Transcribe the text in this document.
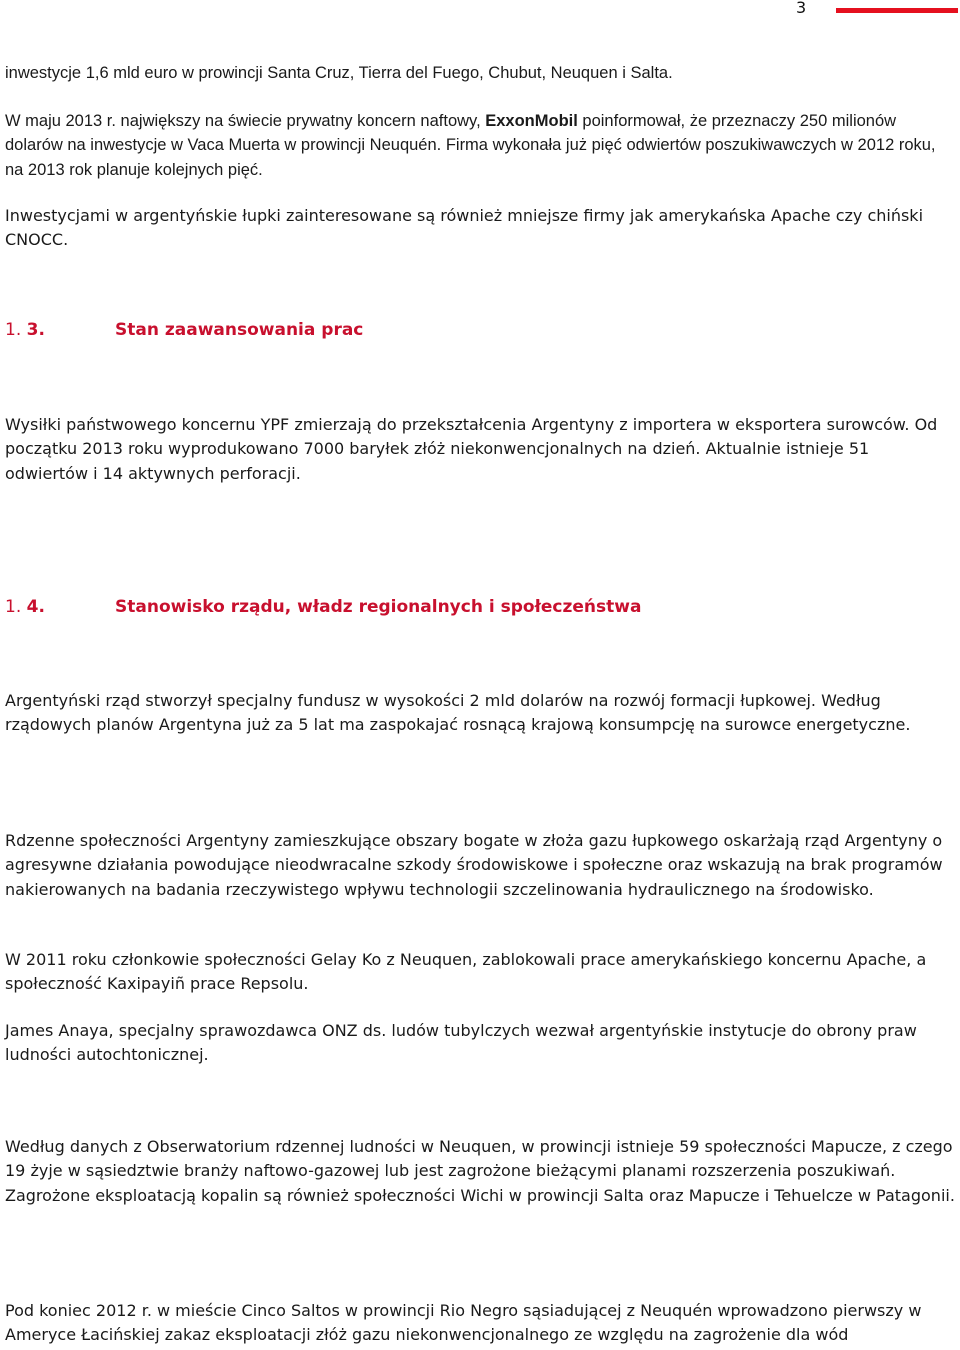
3

inwestycje 1,6 mld euro w prowincji Santa Cruz, Tierra del Fuego, Chubut, Neuquen i Salta.

W maju 2013 r. największy na świecie prywatny koncern naftowy, ExxonMobil poinformował, że przeznaczy 250 milionów dolarów na inwestycje w Vaca Muerta w prowincji Neuquén. Firma wykonała już pięć odwiertów poszukiwawczych w 2012 roku, na 2013 rok planuje kolejnych pięć.

Inwestycjami w argentyńskie łupki zainteresowane są również mniejsze firmy jak amerykańska Apache czy chiński CNOCC.

1. 3.	Stan zaawansowania prac

Wysiłki państwowego koncernu YPF zmierzają do przekształcenia Argentyny z importera w eksportera surowców. Od początku 2013 roku wyprodukowano 7000 baryłek złóż niekonwencjonalnych na dzień. Aktualnie istnieje 51 odwiertów i 14 aktywnych perforacji.

1. 4.	Stanowisko rządu, władz regionalnych i społeczeństwa

Argentyński rząd stworzył specjalny fundusz w wysokości 2 mld dolarów na rozwój formacji łupkowej. Według rządowych planów Argentyna już za 5 lat ma zaspokajać rosnącą krajową konsumpcję na surowce energetyczne.

Rdzenne społeczności Argentyny zamieszkujące obszary bogate w złoża gazu łupkowego oskarżają rząd Argentyny o agresywne działania powodujące nieodwracalne szkody środowiskowe i społeczne oraz wskazują na brak programów nakierowanych na badania rzeczywistego wpływu technologii szczelinowania hydraulicznego na środowisko.

W 2011 roku członkowie społeczności Gelay Ko z Neuquen, zablokowali prace amerykańskiego koncernu Apache, a społeczność Kaxipayiñ prace Repsolu.

James Anaya, specjalny sprawozdawca ONZ ds. ludów tubylczych wezwał argentyńskie instytucje do obrony praw ludności autochtonicznej.

Według danych z Obserwatorium rdzennej ludności w Neuquen, w prowincji istnieje 59 społeczności Mapucze, z czego 19 żyje w sąsiedztwie branży naftowo-gazowej lub jest zagrożone bieżącymi planami rozszerzenia poszukiwań. Zagrożone eksploatacją kopalin są również społeczności Wichi w prowincji Salta oraz Mapucze i Tehuelcze w Patagonii.

Pod koniec 2012 r. w mieście Cinco Saltos w prowincji Rio Negro sąsiadującej z Neuquén wprowadzono pierwszy w Ameryce Łacińskiej zakaz eksploatacji złóż gazu niekonwencjonalnego ze względu na zagrożenie dla wód
